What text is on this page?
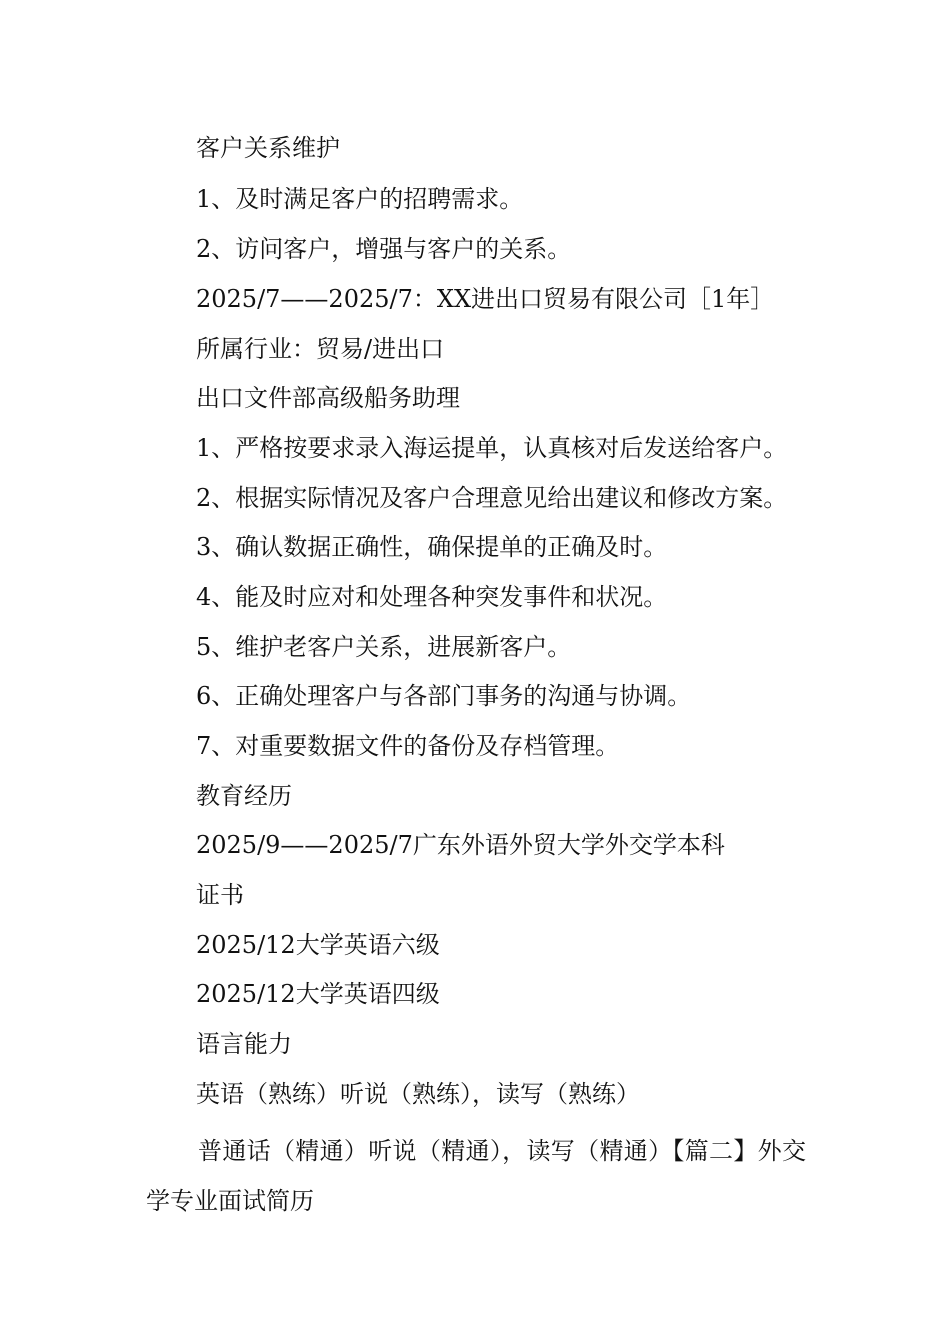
客户关系维护
1、及时满足客户的招聘需求。
2、访问客户，增强与客户的关系。
2025/7——2025/7：XX进出口贸易有限公司［1年］
所属行业：贸易/进出口
出口文件部高级船务助理
1、严格按要求录入海运提单，认真核对后发送给客户。
2、根据实际情况及客户合理意见给出建议和修改方案。
3、确认数据正确性，确保提单的正确及时。
4、能及时应对和处理各种突发事件和状况。
5、维护老客户关系，进展新客户。
6、正确处理客户与各部门事务的沟通与协调。
7、对重要数据文件的备份及存档管理。
教育经历
2025/9——2025/7广东外语外贸大学外交学本科
证书
2025/12大学英语六级
2025/12大学英语四级
语言能力
英语（熟练）听说（熟练），读写（熟练）
普通话（精通）听说（精通），读写（精通）【篇二】外交学专业面试简历
